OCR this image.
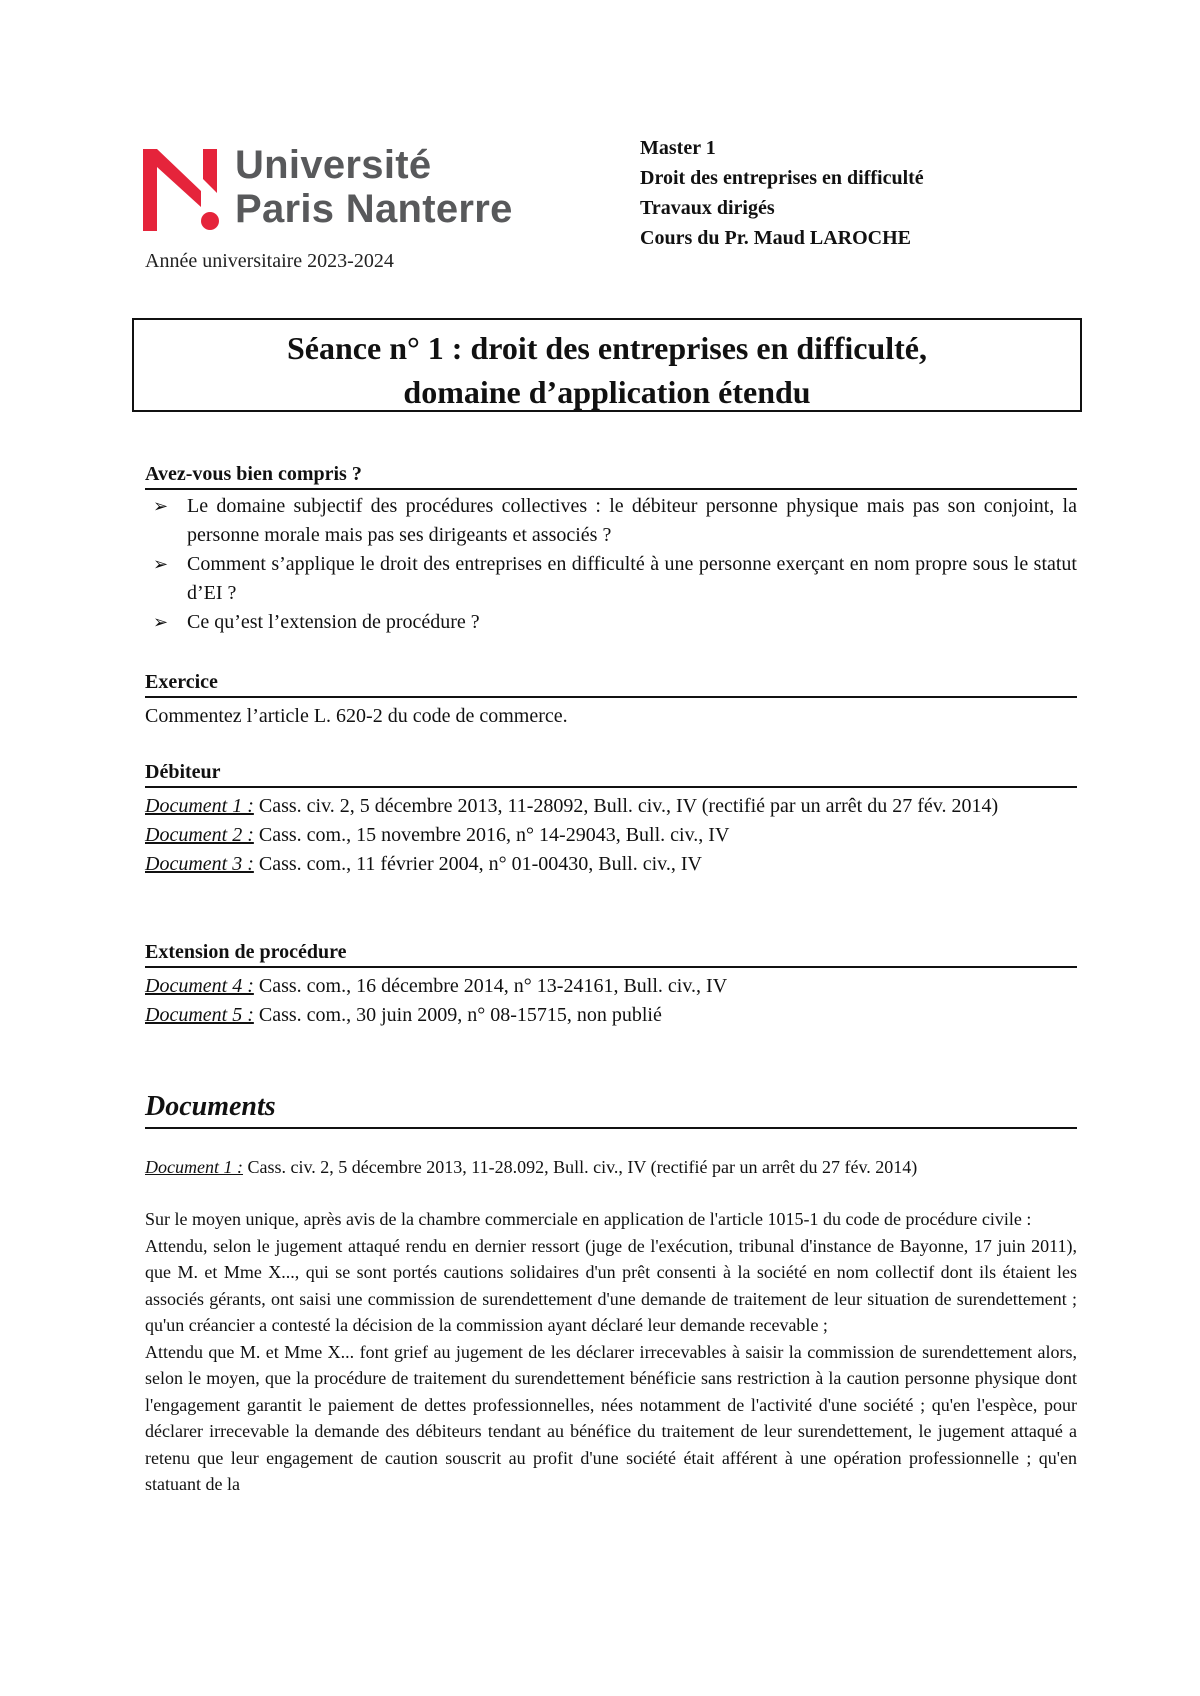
Université
Paris Nanterre
Année universitaire 2023-2024
Master 1
Droit des entreprises en difficulté
Travaux dirigés
Cours du Pr. Maud LAROCHE
Séance n° 1 : droit des entreprises en difficulté,
domaine d’application étendu
Avez-vous bien compris ?
➢ Le domaine subjectif des procédures collectives : le débiteur personne physique mais pas son conjoint, la personne morale mais pas ses dirigeants et associés ?
➢ Comment s’applique le droit des entreprises en difficulté à une personne exerçant en nom propre sous le statut d’EI ?
➢ Ce qu’est l’extension de procédure ?
Exercice
Commentez l’article L. 620-2 du code de commerce.
Débiteur
Document 1 : Cass. civ. 2, 5 décembre 2013, 11-28092, Bull. civ., IV (rectifié par un arrêt du 27 fév. 2014)
Document 2 : Cass. com., 15 novembre 2016, n° 14-29043, Bull. civ., IV
Document 3 : Cass. com., 11 février 2004, n° 01-00430, Bull. civ., IV
Extension de procédure
Document 4 : Cass. com., 16 décembre 2014, n° 13-24161, Bull. civ., IV
Document 5 : Cass. com., 30 juin 2009, n° 08-15715, non publié
Documents
Document 1 : Cass. civ. 2, 5 décembre 2013, 11-28.092, Bull. civ., IV (rectifié par un arrêt du 27 fév. 2014)

Sur le moyen unique, après avis de la chambre commerciale en application de l'article 1015-1 du code de procédure civile :

Attendu, selon le jugement attaqué rendu en dernier ressort (juge de l'exécution, tribunal d'instance de Bayonne, 17 juin 2011), que M. et Mme X..., qui se sont portés cautions solidaires d'un prêt consenti à la société en nom collectif dont ils étaient les associés gérants, ont saisi une commission de surendettement d'une demande de traitement de leur situation de surendettement ; qu'un créancier a contesté la décision de la commission ayant déclaré leur demande recevable ;

Attendu que M. et Mme X... font grief au jugement de les déclarer irrecevables à saisir la commission de surendettement alors, selon le moyen, que la procédure de traitement du surendettement bénéficie sans restriction à la caution personne physique dont l'engagement garantit le paiement de dettes professionnelles, nées notamment de l'activité d'une société ; qu'en l'espèce, pour déclarer irrecevable la demande des débiteurs tendant au bénéfice du traitement de leur surendettement, le jugement attaqué a retenu que leur engagement de caution souscrit au profit d'une société était afférent à une opération professionnelle ; qu'en statuant de la
